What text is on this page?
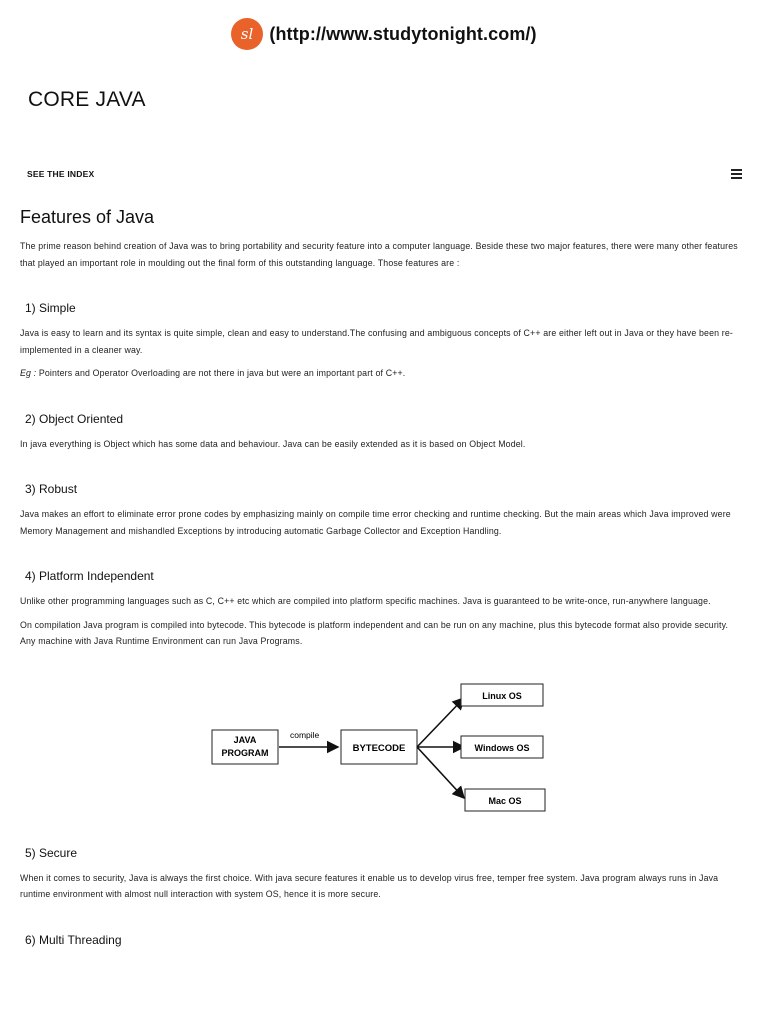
sl (http://www.studytonight.com/)
CORE JAVA
SEE THE INDEX
Features of Java

The prime reason behind creation of Java was to bring portability and security feature into a computer language. Beside these two major features, there were many other features that played an important role in moulding out the final form of this outstanding language. Those features are :

1) Simple

Java is easy to learn and its syntax is quite simple, clean and easy to understand.The confusing and ambiguous concepts of C++ are either left out in Java or they have been re-implemented in a cleaner way.

Eg : Pointers and Operator Overloading are not there in java but were an important part of C++.

2) Object Oriented

In java everything is Object which has some data and behaviour. Java can be easily extended as it is based on Object Model.

3) Robust

Java makes an effort to eliminate error prone codes by emphasizing mainly on compile time error checking and runtime checking. But the main areas which Java improved were Memory Management and mishandled Exceptions by introducing automatic Garbage Collector and Exception Handling.

4) Platform Independent

Unlike other programming languages such as C, C++ etc which are compiled into platform specific machines. Java is guaranteed to be write-once, run-anywhere language.

On compilation Java program is compiled into bytecode. This bytecode is platform independent and can be run on any machine, plus this bytecode format also provide security. Any machine with Java Runtime Environment can run Java Programs.

JAVA
PROGRAM
compile
BYTECODE
Linux OS
Windows OS
Mac OS
5) Secure

When it comes to security, Java is always the first choice. With java secure features it enable us to develop virus free, temper free system. Java program always runs in Java runtime environment with almost null interaction with system OS, hence it is more secure.

6) Multi Threading
